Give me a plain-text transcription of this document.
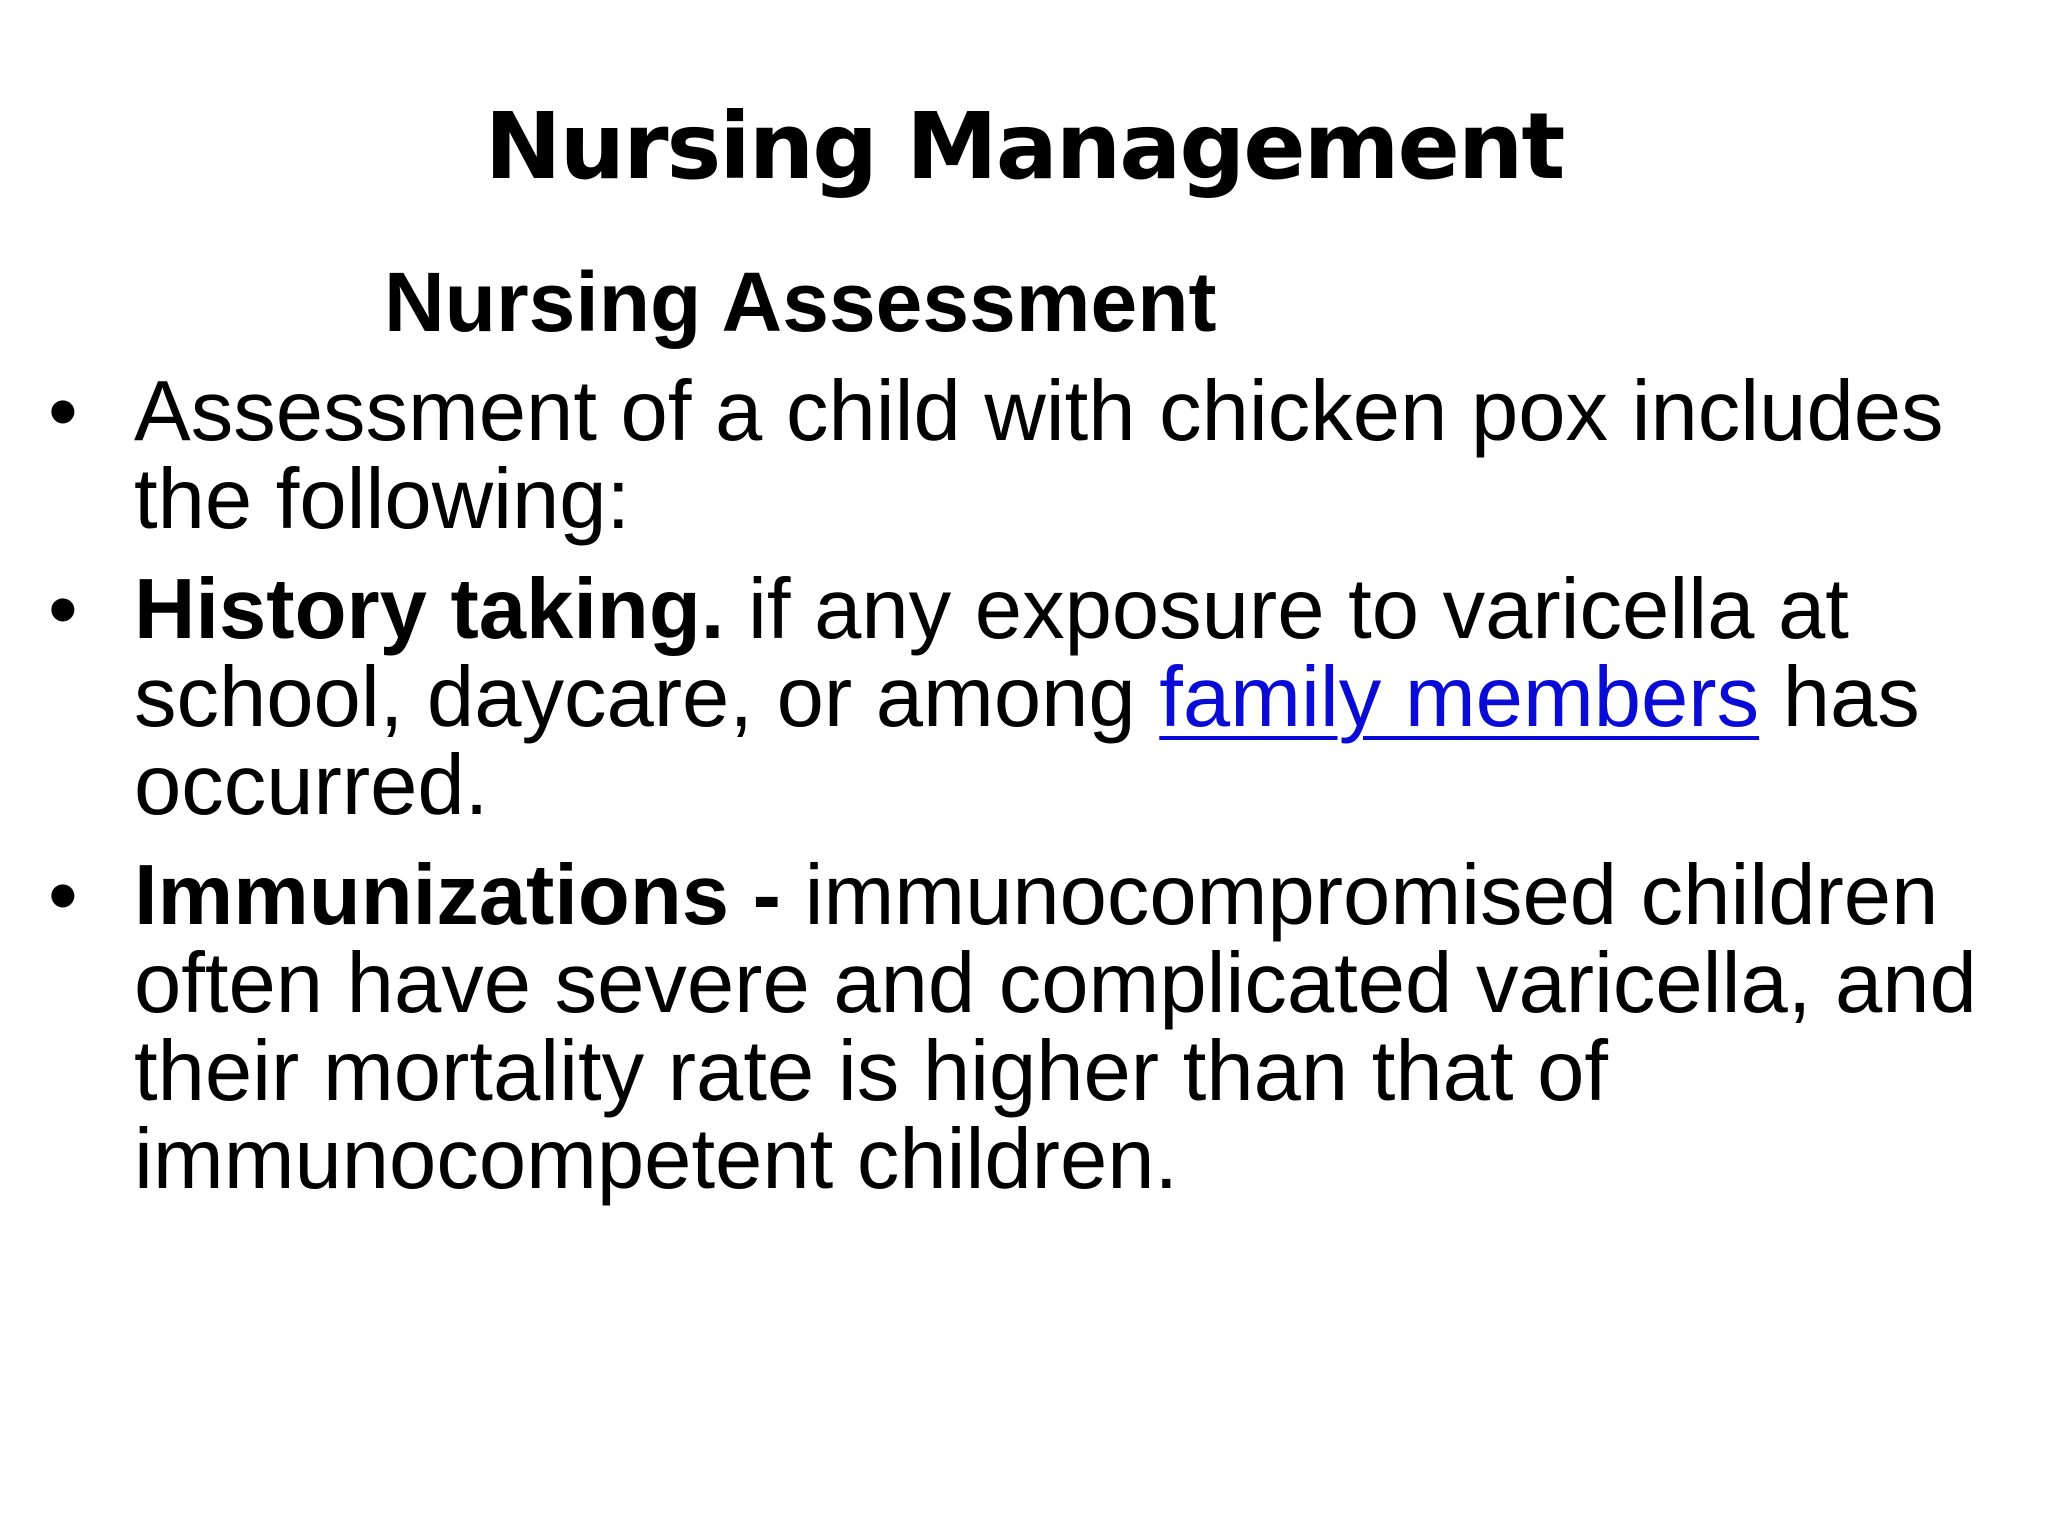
Nursing Management
Nursing Assessment
• Assessment of a child with chicken pox includes the following:
• History taking. if any exposure to varicella at school, daycare, or among family members has occurred.
• Immunizations - immunocompromised children often have severe and complicated varicella, and their mortality rate is higher than that of immunocompetent children.
